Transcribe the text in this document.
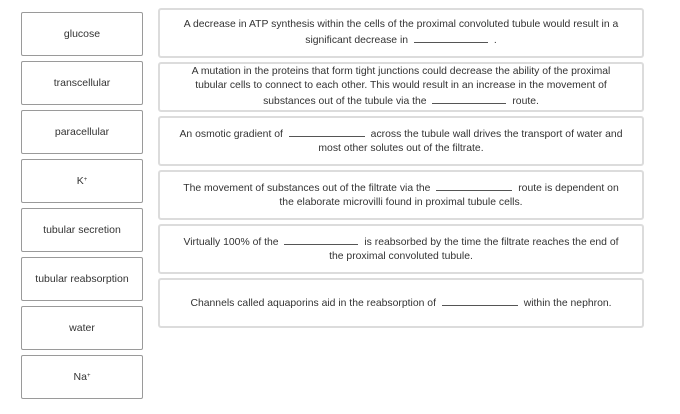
glucose
transcellular
paracellular
K+
tubular secretion
tubular reabsorption
water
Na+

A decrease in ATP synthesis within the cells of the proximal convoluted tubule would result in a significant decrease in	.

A mutation in the proteins that form tight junctions could decrease the ability of the proximal tubular cells to connect to each other. This would result in an increase in the movement of substances out of the tubule via the	route.

An osmotic gradient of	across the tubule wall drives the transport of water and most other solutes out of the filtrate.

The movement of substances out of the filtrate via the	route is dependent on the elaborate microvilli found in proximal tubule cells.

Virtually 100% of the	is reabsorbed by the time the filtrate reaches the end of the proximal convoluted tubule.

Channels called aquaporins aid in the reabsorption of	within the nephron.
